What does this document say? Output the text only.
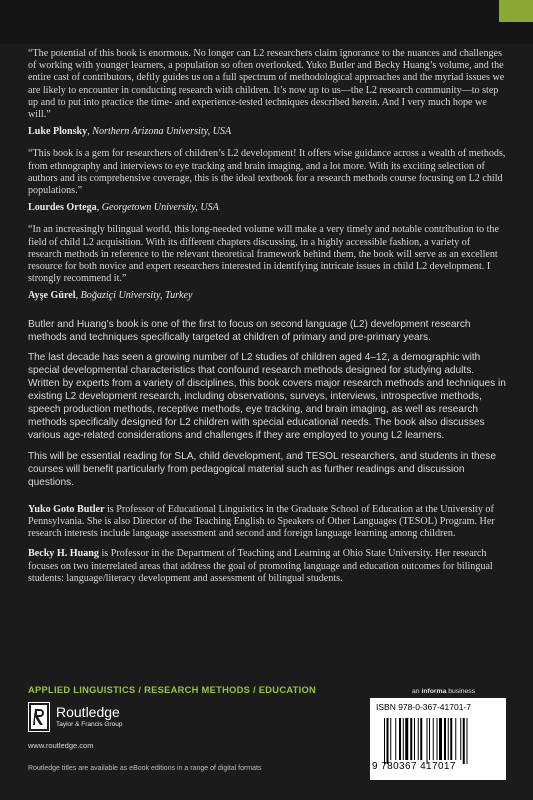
“The potential of this book is enormous. No longer can L2 researchers claim ignorance to the nuances and challenges of working with younger learners, a population so often overlooked. Yuko Butler and Becky Huang’s volume, and the entire cast of contributors, deftly guides us on a full spectrum of methodological approaches and the myriad issues we are likely to encounter in conducting research with children. It’s now up to us—the L2 research community—to step up and to put into practice the time- and experience-tested techniques described herein. And I very much hope we will.”

Luke Plonsky, Northern Arizona University, USA

“This book is a gem for researchers of children’s L2 development! It offers wise guidance across a wealth of methods, from ethnography and interviews to eye tracking and brain imaging, and a lot more. With its exciting selection of authors and its comprehensive coverage, this is the ideal textbook for a research methods course focusing on L2 child populations.”

Lourdes Ortega, Georgetown University, USA

“In an increasingly bilingual world, this long-needed volume will make a very timely and notable contribution to the field of child L2 acquisition. With its different chapters discussing, in a highly accessible fashion, a variety of research methods in reference to the relevant theoretical framework behind them, the book will serve as an excellent resource for both novice and expert researchers interested in identifying intricate issues in child L2 development. I strongly recommend it.”

Ayşe Gürel, Boğaziçi University, Turkey

Butler and Huang’s book is one of the first to focus on second language (L2) development research methods and techniques specifically targeted at children of primary and pre-primary years.

The last decade has seen a growing number of L2 studies of children aged 4–12, a demographic with special developmental characteristics that confound research methods designed for studying adults. Written by experts from a variety of disciplines, this book covers major research methods and techniques in existing L2 development research, including observations, surveys, interviews, introspective methods, speech production methods, receptive methods, eye tracking, and brain imaging, as well as research methods specifically designed for L2 children with special educational needs. The book also discusses various age-related considerations and challenges if they are employed to young L2 learners.

This will be essential reading for SLA, child development, and TESOL researchers, and students in these courses will benefit particularly from pedagogical material such as further readings and discussion questions.

Yuko Goto Butler is Professor of Educational Linguistics in the Graduate School of Education at the University of Pennsylvania. She is also Director of the Teaching English to Speakers of Other Languages (TESOL) Program. Her research interests include language assessment and second and foreign language learning among children.

Becky H. Huang is Professor in the Department of Teaching and Learning at Ohio State University. Her research focuses on two interrelated areas that address the goal of promoting language and education outcomes for bilingual students: language/literacy development and assessment of bilingual students.

APPLIED LINGUISTICS / RESEARCH METHODS / EDUCATION
Routledge
Taylor & Francis Group
www.routledge.com
Routledge titles are available as eBook editions in a range of digital formats
an informa business
ISBN 978-0-367-41701-7
9 780367 417017
